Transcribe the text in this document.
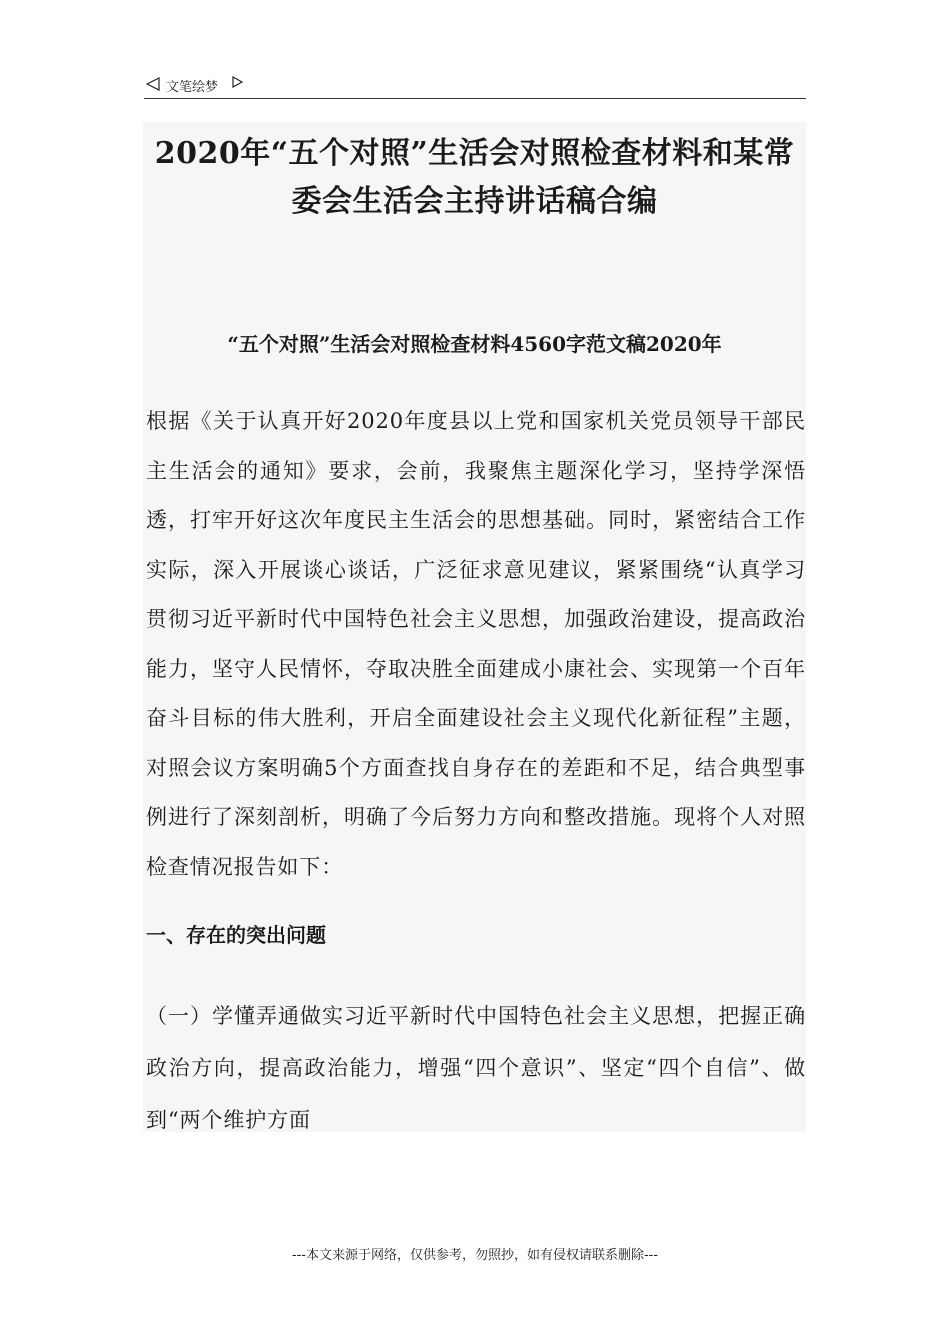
文笔绘梦
2020年“五个对照”生活会对照检查材料和某常委会生活会主持讲话稿合编
“五个对照”生活会对照检查材料4560字范文稿2020年

根据《关于认真开好2020年度县以上党和国家机关党员领导干部民主生活会的通知》要求，会前，我聚焦主题深化学习，坚持学深悟透，打牢开好这次年度民主生活会的思想基础。同时，紧密结合工作实际，深入开展谈心谈话，广泛征求意见建议，紧紧围绕“认真学习贯彻习近平新时代中国特色社会主义思想，加强政治建设，提高政治能力，坚守人民情怀，夺取决胜全面建成小康社会、实现第一个百年奋斗目标的伟大胜利，开启全面建设社会主义现代化新征程”主题，对照会议方案明确5个方面查找自身存在的差距和不足，结合典型事例进行了深刻剖析，明确了今后努力方向和整改措施。现将个人对照检查情况报告如下：

一、存在的突出问题

（一）学懂弄通做实习近平新时代中国特色社会主义思想，把握正确政治方向，提高政治能力，增强“四个意识”、坚定“四个自信”、做到“两个维护方面

---本文来源于网络，仅供参考，勿照抄，如有侵权请联系删除---
